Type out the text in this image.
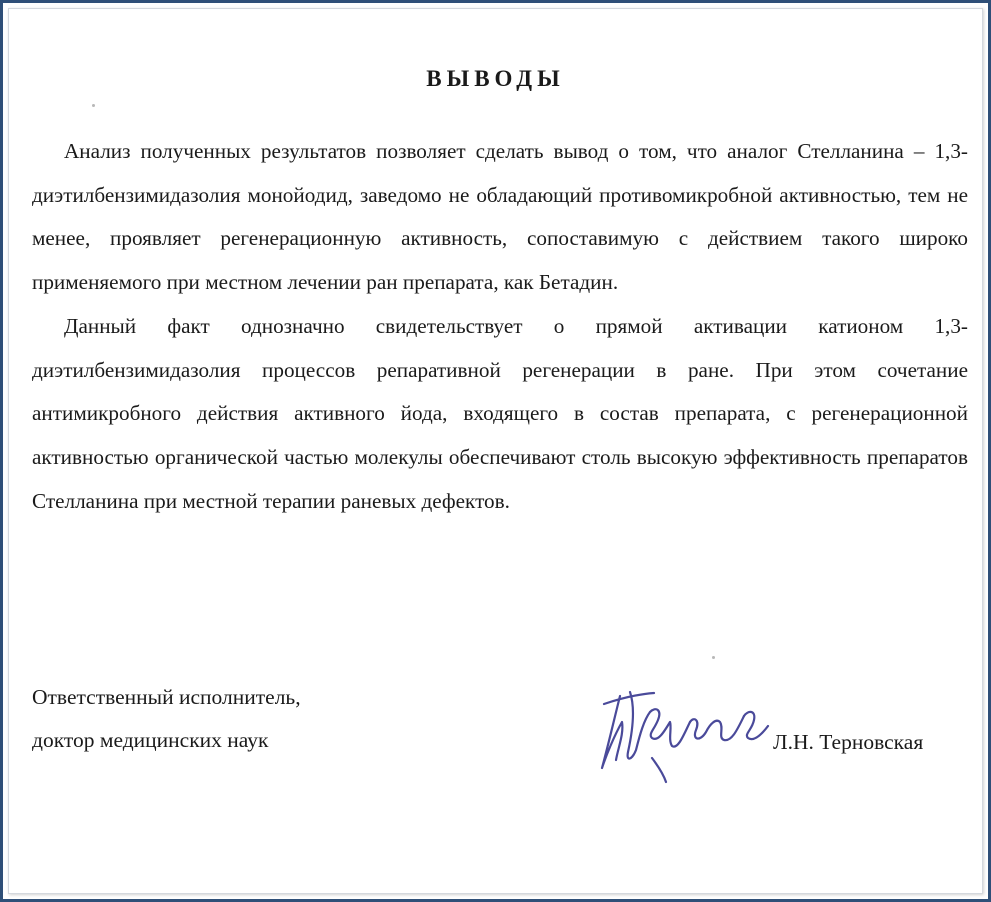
ВЫВОДЫ

Анализ полученных результатов позволяет сделать вывод о том, что аналог Стелланина – 1,3-диэтилбензимидазолия монойодид, заведомо не обладающий противомикробной активностью, тем не менее, проявляет регенерационную активность, сопоставимую с действием такого широко применяемого при местном лечении ран препарата, как Бетадин.

Данный факт однозначно свидетельствует о прямой активации катионом 1,3-диэтилбензимидазолия процессов репаративной регенерации в ране. При этом сочетание антимикробного действия активного йода, входящего в состав препарата, с регенерационной активностью органической частью молекулы обеспечивают столь высокую эффективность препаратов Стелланина при местной терапии раневых дефектов.

Ответственный исполнитель,
доктор медицинских наук	Л.Н. Терновская
